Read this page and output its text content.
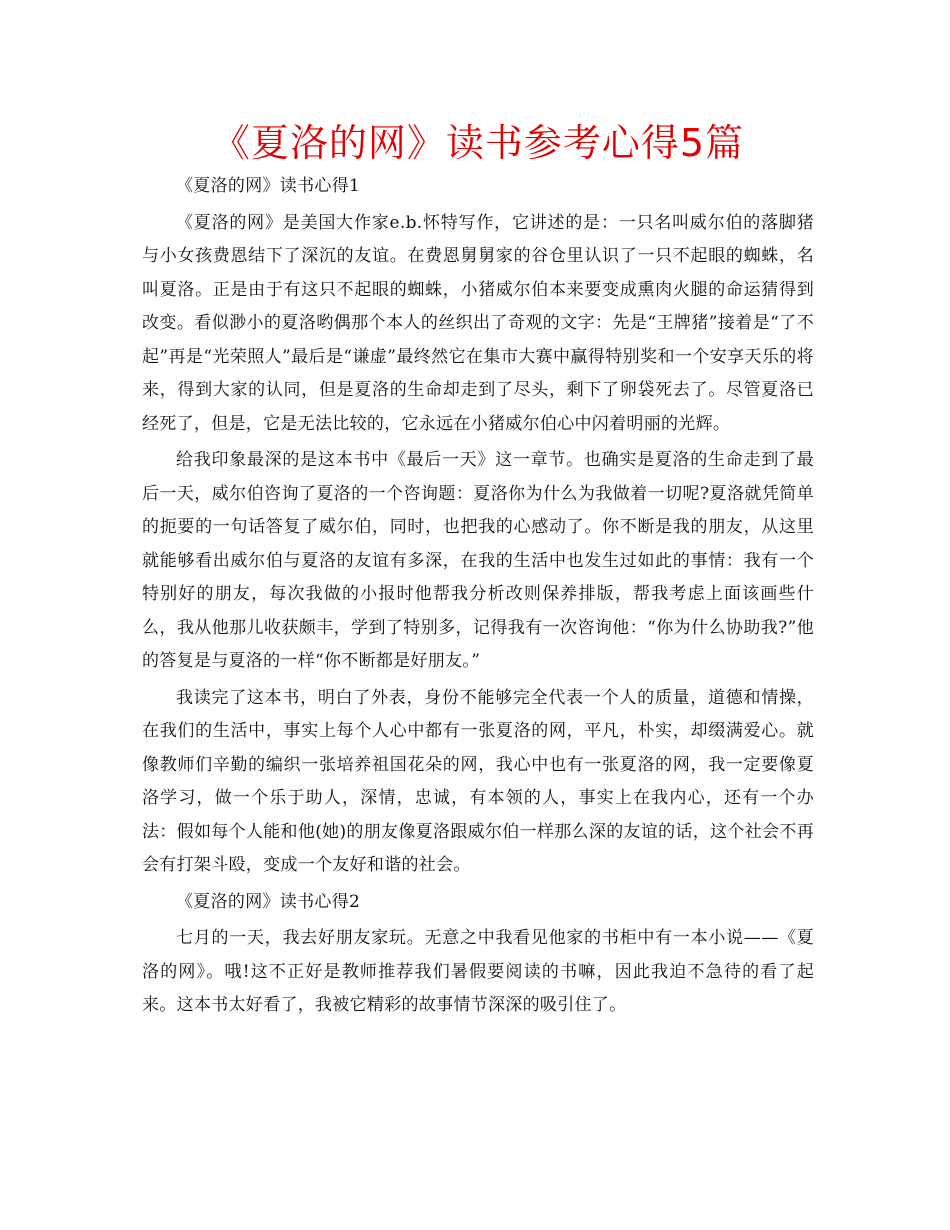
《夏洛的网》读书参考心得5篇

《夏洛的网》读书心得1

《夏洛的网》是美国大作家e.b.怀特写作，它讲述的是：一只名叫威尔伯的落脚猪与小女孩费恩结下了深沉的友谊。在费恩舅舅家的谷仓里认识了一只不起眼的蜘蛛，名叫夏洛。正是由于有这只不起眼的蜘蛛，小猪威尔伯本来要变成熏肉火腿的命运猜得到改变。看似渺小的夏洛哟偶那个本人的丝织出了奇观的文字：先是“王牌猪”接着是“了不起”再是“光荣照人”最后是“谦虚”最终然它在集市大赛中赢得特别奖和一个安享天乐的将来，得到大家的认同，但是夏洛的生命却走到了尽头，剩下了卵袋死去了。尽管夏洛已经死了，但是，它是无法比较的，它永远在小猪威尔伯心中闪着明丽的光辉。

给我印象最深的是这本书中《最后一天》这一章节。也确实是夏洛的生命走到了最后一天，威尔伯咨询了夏洛的一个咨询题：夏洛你为什么为我做着一切呢?夏洛就凭简单的扼要的一句话答复了威尔伯，同时，也把我的心感动了。你不断是我的朋友，从这里就能够看出威尔伯与夏洛的友谊有多深，在我的生活中也发生过如此的事情：我有一个特别好的朋友，每次我做的小报时他帮我分析改则保养排版，帮我考虑上面该画些什么，我从他那儿收获颇丰，学到了特别多，记得我有一次咨询他：“你为什么协助我?”他的答复是与夏洛的一样“你不断都是好朋友。”

我读完了这本书，明白了外表，身份不能够完全代表一个人的质量，道德和情操，在我们的生活中，事实上每个人心中都有一张夏洛的网，平凡，朴实，却缀满爱心。就像教师们辛勤的编织一张培养祖国花朵的网，我心中也有一张夏洛的网，我一定要像夏洛学习，做一个乐于助人，深情，忠诚，有本领的人，事实上在我内心，还有一个办法：假如每个人能和他(她)的朋友像夏洛跟威尔伯一样那么深的友谊的话，这个社会不再会有打架斗殴，变成一个友好和谐的社会。

《夏洛的网》读书心得2

七月的一天，我去好朋友家玩。无意之中我看见他家的书柜中有一本小说——《夏洛的网》。哦!这不正好是教师推荐我们暑假要阅读的书嘛，因此我迫不急待的看了起来。这本书太好看了，我被它精彩的故事情节深深的吸引住了。
